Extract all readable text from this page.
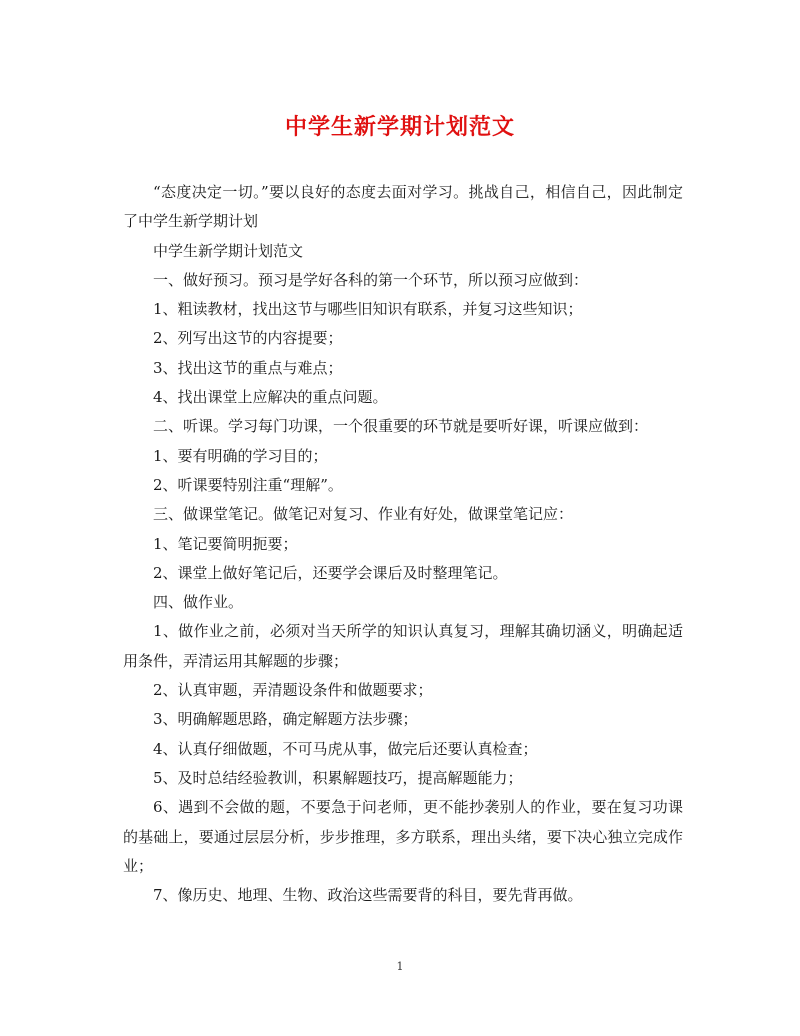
中学生新学期计划范文

“态度决定一切。”要以良好的态度去面对学习。挑战自己，相信自己，因此制定了中学生新学期计划

中学生新学期计划范文

一、做好预习。预习是学好各科的第一个环节，所以预习应做到：

1、粗读教材，找出这节与哪些旧知识有联系，并复习这些知识；

2、列写出这节的内容提要；

3、找出这节的重点与难点；

4、找出课堂上应解决的重点问题。

二、听课。学习每门功课，一个很重要的环节就是要听好课，听课应做到：

1、要有明确的学习目的；

2、听课要特别注重“理解”。

三、做课堂笔记。做笔记对复习、作业有好处，做课堂笔记应：

1、笔记要简明扼要；

2、课堂上做好笔记后，还要学会课后及时整理笔记。

四、做作业。

1、做作业之前，必须对当天所学的知识认真复习，理解其确切涵义，明确起适用条件，弄清运用其解题的步骤；

2、认真审题，弄清题设条件和做题要求；

3、明确解题思路，确定解题方法步骤；

4、认真仔细做题，不可马虎从事，做完后还要认真检查；

5、及时总结经验教训，积累解题技巧，提高解题能力；

6、遇到不会做的题，不要急于问老师，更不能抄袭别人的作业，要在复习功课的基础上，要通过层层分析，步步推理，多方联系，理出头绪，要下决心独立完成作业；

7、像历史、地理、生物、政治这些需要背的科目，要先背再做。

1
